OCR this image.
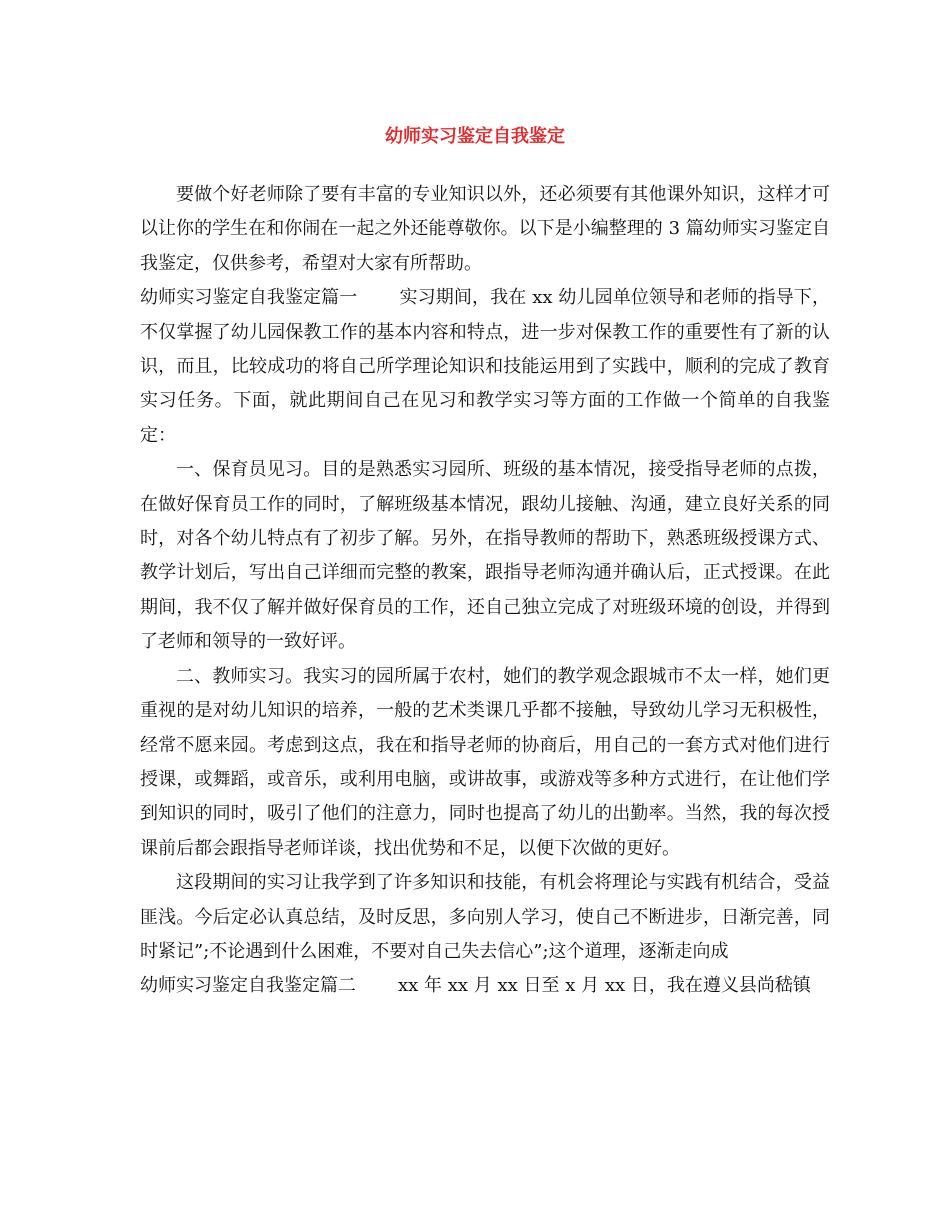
幼师实习鉴定自我鉴定

要做个好老师除了要有丰富的专业知识以外，还必须要有其他课外知识，这样才可以让你的学生在和你闹在一起之外还能尊敬你。以下是小编整理的 3 篇幼师实习鉴定自我鉴定，仅供参考，希望对大家有所帮助。

幼师实习鉴定自我鉴定篇一 实习期间，我在 xx 幼儿园单位领导和老师的指导下，不仅掌握了幼儿园保教工作的基本内容和特点，进一步对保教工作的重要性有了新的认识，而且，比较成功的将自己所学理论知识和技能运用到了实践中，顺利的完成了教育实习任务。下面，就此期间自己在见习和教学实习等方面的工作做一个简单的自我鉴定：

一、保育员见习。目的是熟悉实习园所、班级的基本情况，接受指导老师的点拨，在做好保育员工作的同时，了解班级基本情况，跟幼儿接触、沟通，建立良好关系的同时，对各个幼儿特点有了初步了解。另外，在指导教师的帮助下，熟悉班级授课方式、教学计划后，写出自己详细而完整的教案，跟指导老师沟通并确认后，正式授课。在此期间，我不仅了解并做好保育员的工作，还自己独立完成了对班级环境的创设，并得到了老师和领导的一致好评。

二、教师实习。我实习的园所属于农村，她们的教学观念跟城市不太一样，她们更重视的是对幼儿知识的培养，一般的艺术类课几乎都不接触，导致幼儿学习无积极性，经常不愿来园。考虑到这点，我在和指导老师的协商后，用自己的一套方式对他们进行授课，或舞蹈，或音乐，或利用电脑，或讲故事，或游戏等多种方式进行，在让他们学到知识的同时，吸引了他们的注意力，同时也提高了幼儿的出勤率。当然，我的每次授课前后都会跟指导老师详谈，找出优势和不足，以便下次做的更好。

这段期间的实习让我学到了许多知识和技能，有机会将理论与实践有机结合，受益匪浅。今后定必认真总结，及时反思，多向别人学习，使自己不断进步，日渐完善，同时紧记”;不论遇到什么困难，不要对自己失去信心”;这个道理，逐渐走向成

幼师实习鉴定自我鉴定篇二 xx 年 xx 月 xx 日至 x 月 xx 日，我在遵义县尚嵇镇
